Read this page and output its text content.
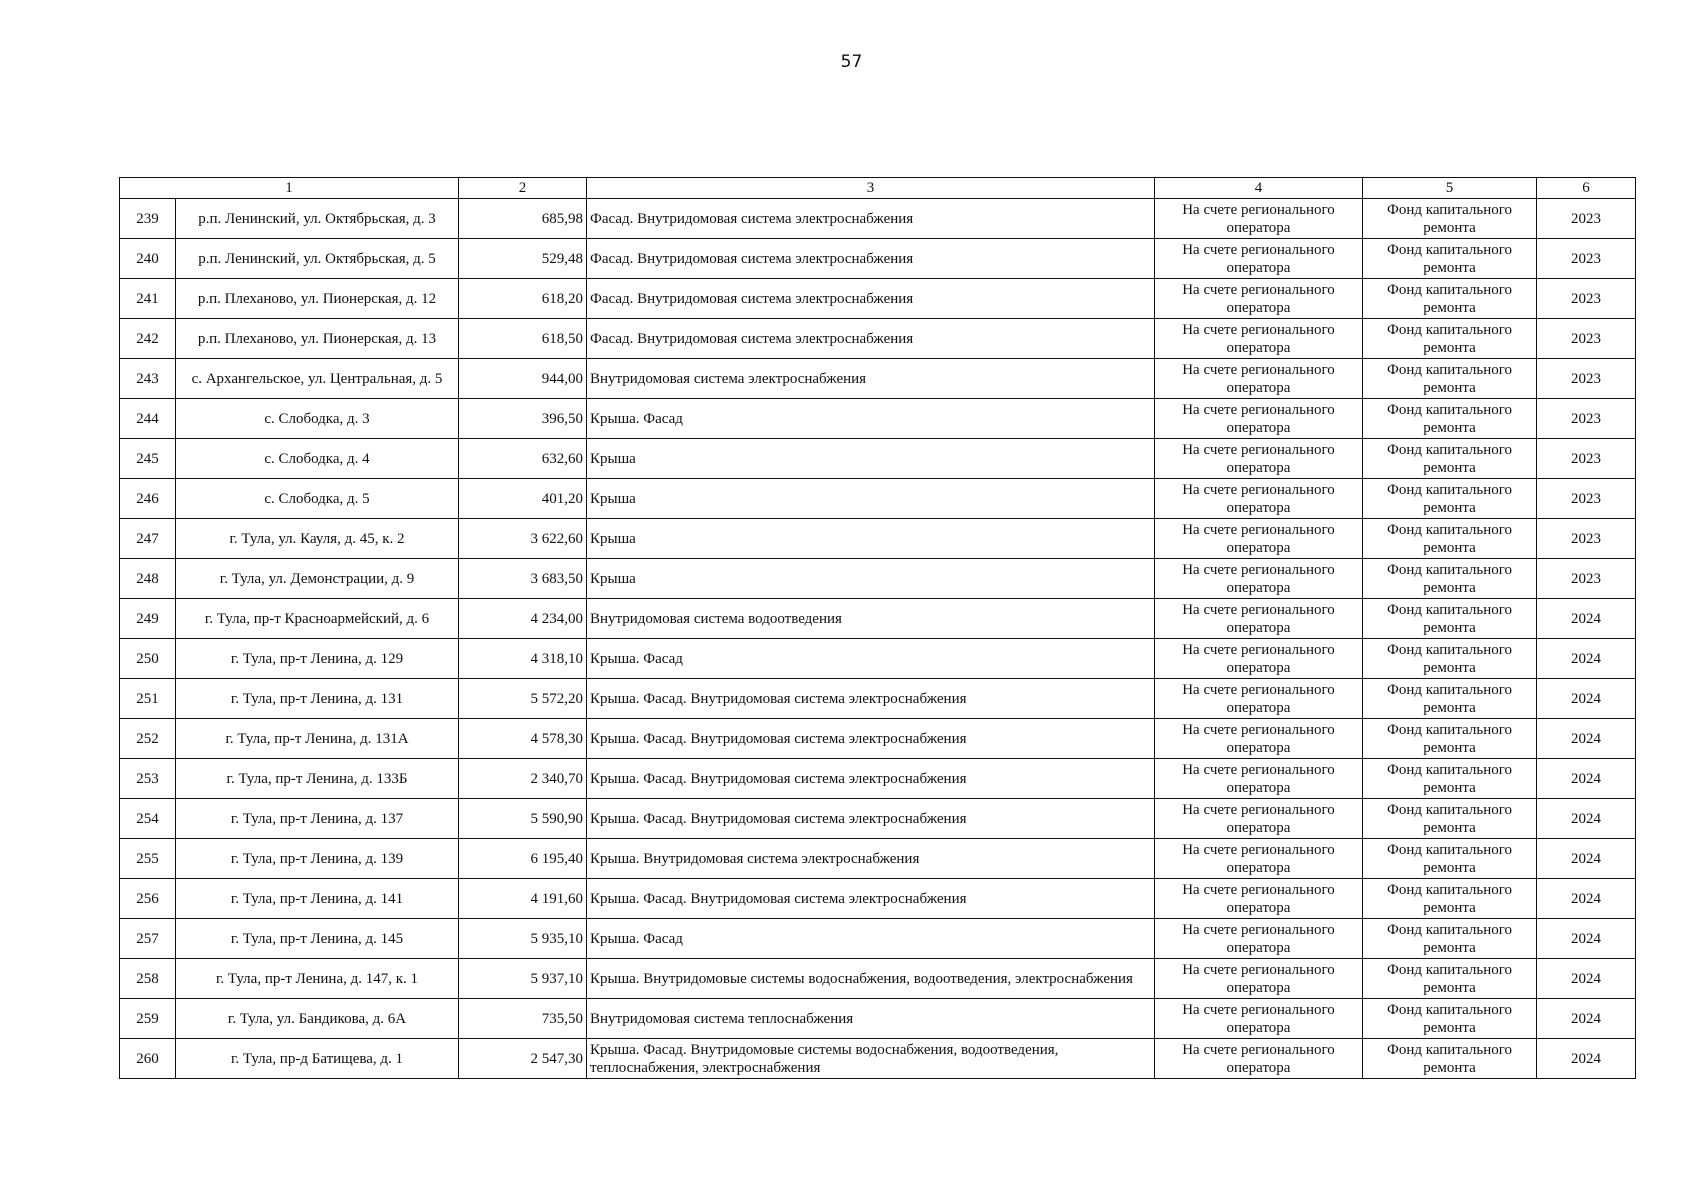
57
1		2	3	4	5	6
239	р.п. Ленинский, ул. Октябрьская, д. 3	685,98	Фасад. Внутридомовая система электроснабжения	На счете регионального оператора	Фонд капитального ремонта	2023
240	р.п. Ленинский, ул. Октябрьская, д. 5	529,48	Фасад. Внутридомовая система электроснабжения	На счете регионального оператора	Фонд капитального ремонта	2023
241	р.п. Плеханово, ул. Пионерская, д. 12	618,20	Фасад. Внутридомовая система электроснабжения	На счете регионального оператора	Фонд капитального ремонта	2023
242	р.п. Плеханово, ул. Пионерская, д. 13	618,50	Фасад. Внутридомовая система электроснабжения	На счете регионального оператора	Фонд капитального ремонта	2023
243	с. Архангельское, ул. Центральная, д. 5	944,00	Внутридомовая система электроснабжения	На счете регионального оператора	Фонд капитального ремонта	2023
244	с. Слободка, д. 3	396,50	Крыша. Фасад	На счете регионального оператора	Фонд капитального ремонта	2023
245	с. Слободка, д. 4	632,60	Крыша	На счете регионального оператора	Фонд капитального ремонта	2023
246	с. Слободка, д. 5	401,20	Крыша	На счете регионального оператора	Фонд капитального ремонта	2023
247	г. Тула, ул. Кауля, д. 45, к. 2	3 622,60	Крыша	На счете регионального оператора	Фонд капитального ремонта	2023
248	г. Тула, ул. Демонстрации, д. 9	3 683,50	Крыша	На счете регионального оператора	Фонд капитального ремонта	2023
249	г. Тула, пр-т Красноармейский, д. 6	4 234,00	Внутридомовая система водоотведения	На счете регионального оператора	Фонд капитального ремонта	2024
250	г. Тула, пр-т Ленина, д. 129	4 318,10	Крыша. Фасад	На счете регионального оператора	Фонд капитального ремонта	2024
251	г. Тула, пр-т Ленина, д. 131	5 572,20	Крыша. Фасад. Внутридомовая система электроснабжения	На счете регионального оператора	Фонд капитального ремонта	2024
252	г. Тула, пр-т Ленина, д. 131А	4 578,30	Крыша. Фасад. Внутридомовая система электроснабжения	На счете регионального оператора	Фонд капитального ремонта	2024
253	г. Тула, пр-т Ленина, д. 133Б	2 340,70	Крыша. Фасад. Внутридомовая система электроснабжения	На счете регионального оператора	Фонд капитального ремонта	2024
254	г. Тула, пр-т Ленина, д. 137	5 590,90	Крыша. Фасад. Внутридомовая система электроснабжения	На счете регионального оператора	Фонд капитального ремонта	2024
255	г. Тула, пр-т Ленина, д. 139	6 195,40	Крыша. Внутридомовая система электроснабжения	На счете регионального оператора	Фонд капитального ремонта	2024
256	г. Тула, пр-т Ленина, д. 141	4 191,60	Крыша. Фасад. Внутридомовая система электроснабжения	На счете регионального оператора	Фонд капитального ремонта	2024
257	г. Тула, пр-т Ленина, д. 145	5 935,10	Крыша. Фасад	На счете регионального оператора	Фонд капитального ремонта	2024
258	г. Тула, пр-т Ленина, д. 147, к. 1	5 937,10	Крыша. Внутридомовые системы водоснабжения, водоотведения, электроснабжения	На счете регионального оператора	Фонд капитального ремонта	2024
259	г. Тула, ул. Бандикова, д. 6А	735,50	Внутридомовая система теплоснабжения	На счете регионального оператора	Фонд капитального ремонта	2024
260	г. Тула, пр-д Батищева, д. 1	2 547,30	Крыша. Фасад. Внутридомовые системы водоснабжения, водоотведения, теплоснабжения, электроснабжения	На счете регионального оператора	Фонд капитального ремонта	2024
